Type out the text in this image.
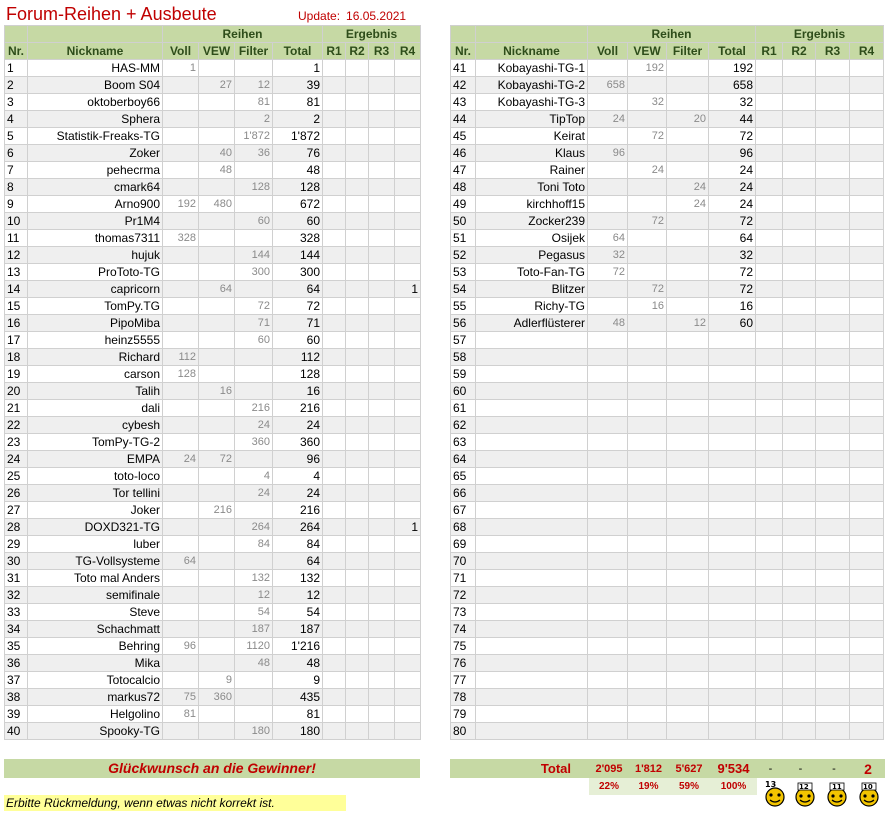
Forum-Reihen + Ausbeute	Update: 16.05.2021
		Reihen				Ergebnis			
Nr.	Nickname	Voll	VEW	Filter	Total	R1	R2	R3	R4
1	HAS-MM	1			1				
2	Boom S04		27	12	39				
3	oktoberboy66			81	81				
4	Sphera			2	2				
5	Statistik-Freaks-TG			1'872	1'872				
6	Zoker		40	36	76				
7	pehecrma		48		48				
8	cmark64			128	128				
9	Arno900	192	480		672				
10	Pr1M4			60	60				
11	thomas7311	328			328				
12	hujuk			144	144				
13	ProToto-TG			300	300				
14	capricorn		64		64				1
15	TomPy.TG			72	72				
16	PipoMiba			71	71				
17	heinz5555			60	60				
18	Richard	112			112				
19	carson	128			128				
20	Talih		16		16				
21	dali			216	216				
22	cybesh			24	24				
23	TomPy-TG-2			360	360				
24	EMPA	24	72		96				
25	toto-loco			4	4				
26	Tor tellini			24	24				
27	Joker		216		216				
28	DOXD321-TG			264	264				1
29	luber			84	84				
30	TG-Vollsysteme	64			64				
31	Toto mal Anders			132	132				
32	semifinale			12	12				
33	Steve			54	54				
34	Schachmatt			187	187				
35	Behring	96		1120	1'216				
36	Mika			48	48				
37	Totocalcio		9		9				
38	markus72	75	360		435				
39	Helgolino	81			81				
40	Spooky-TG			180	180				

		Reihen				Ergebnis			
Nr.	Nickname	Voll	VEW	Filter	Total	R1	R2	R3	R4
41	Kobayashi-TG-1		192		192				
42	Kobayashi-TG-2	658			658				
43	Kobayashi-TG-3		32		32				
44	TipTop	24		20	44				
45	Keirat		72		72				
46	Klaus	96			96				
47	Rainer		24		24				
48	Toni Toto			24	24				
49	kirchhoff15			24	24				
50	Zocker239		72		72				
51	Osijek	64			64				
52	Pegasus	32			32				
53	Toto-Fan-TG	72			72				
54	Blitzer		72		72				
55	Richy-TG		16		16				
56	Adlerflüsterer	48		12	60				
57									
58									
59									
60									
61									
62									
63									
64									
65									
66									
67									
68									
69									
70									
71									
72									
73									
74									
75									
76									
77									
78									
79									
80									

Glückwunsch an die Gewinner!
Erbitte Rückmeldung, wenn etwas nicht korrekt ist.
Total	2'095	1'812	5'627	9'534	-	-	-	2
	22%	19%	59%	100%				13	12	11	10
